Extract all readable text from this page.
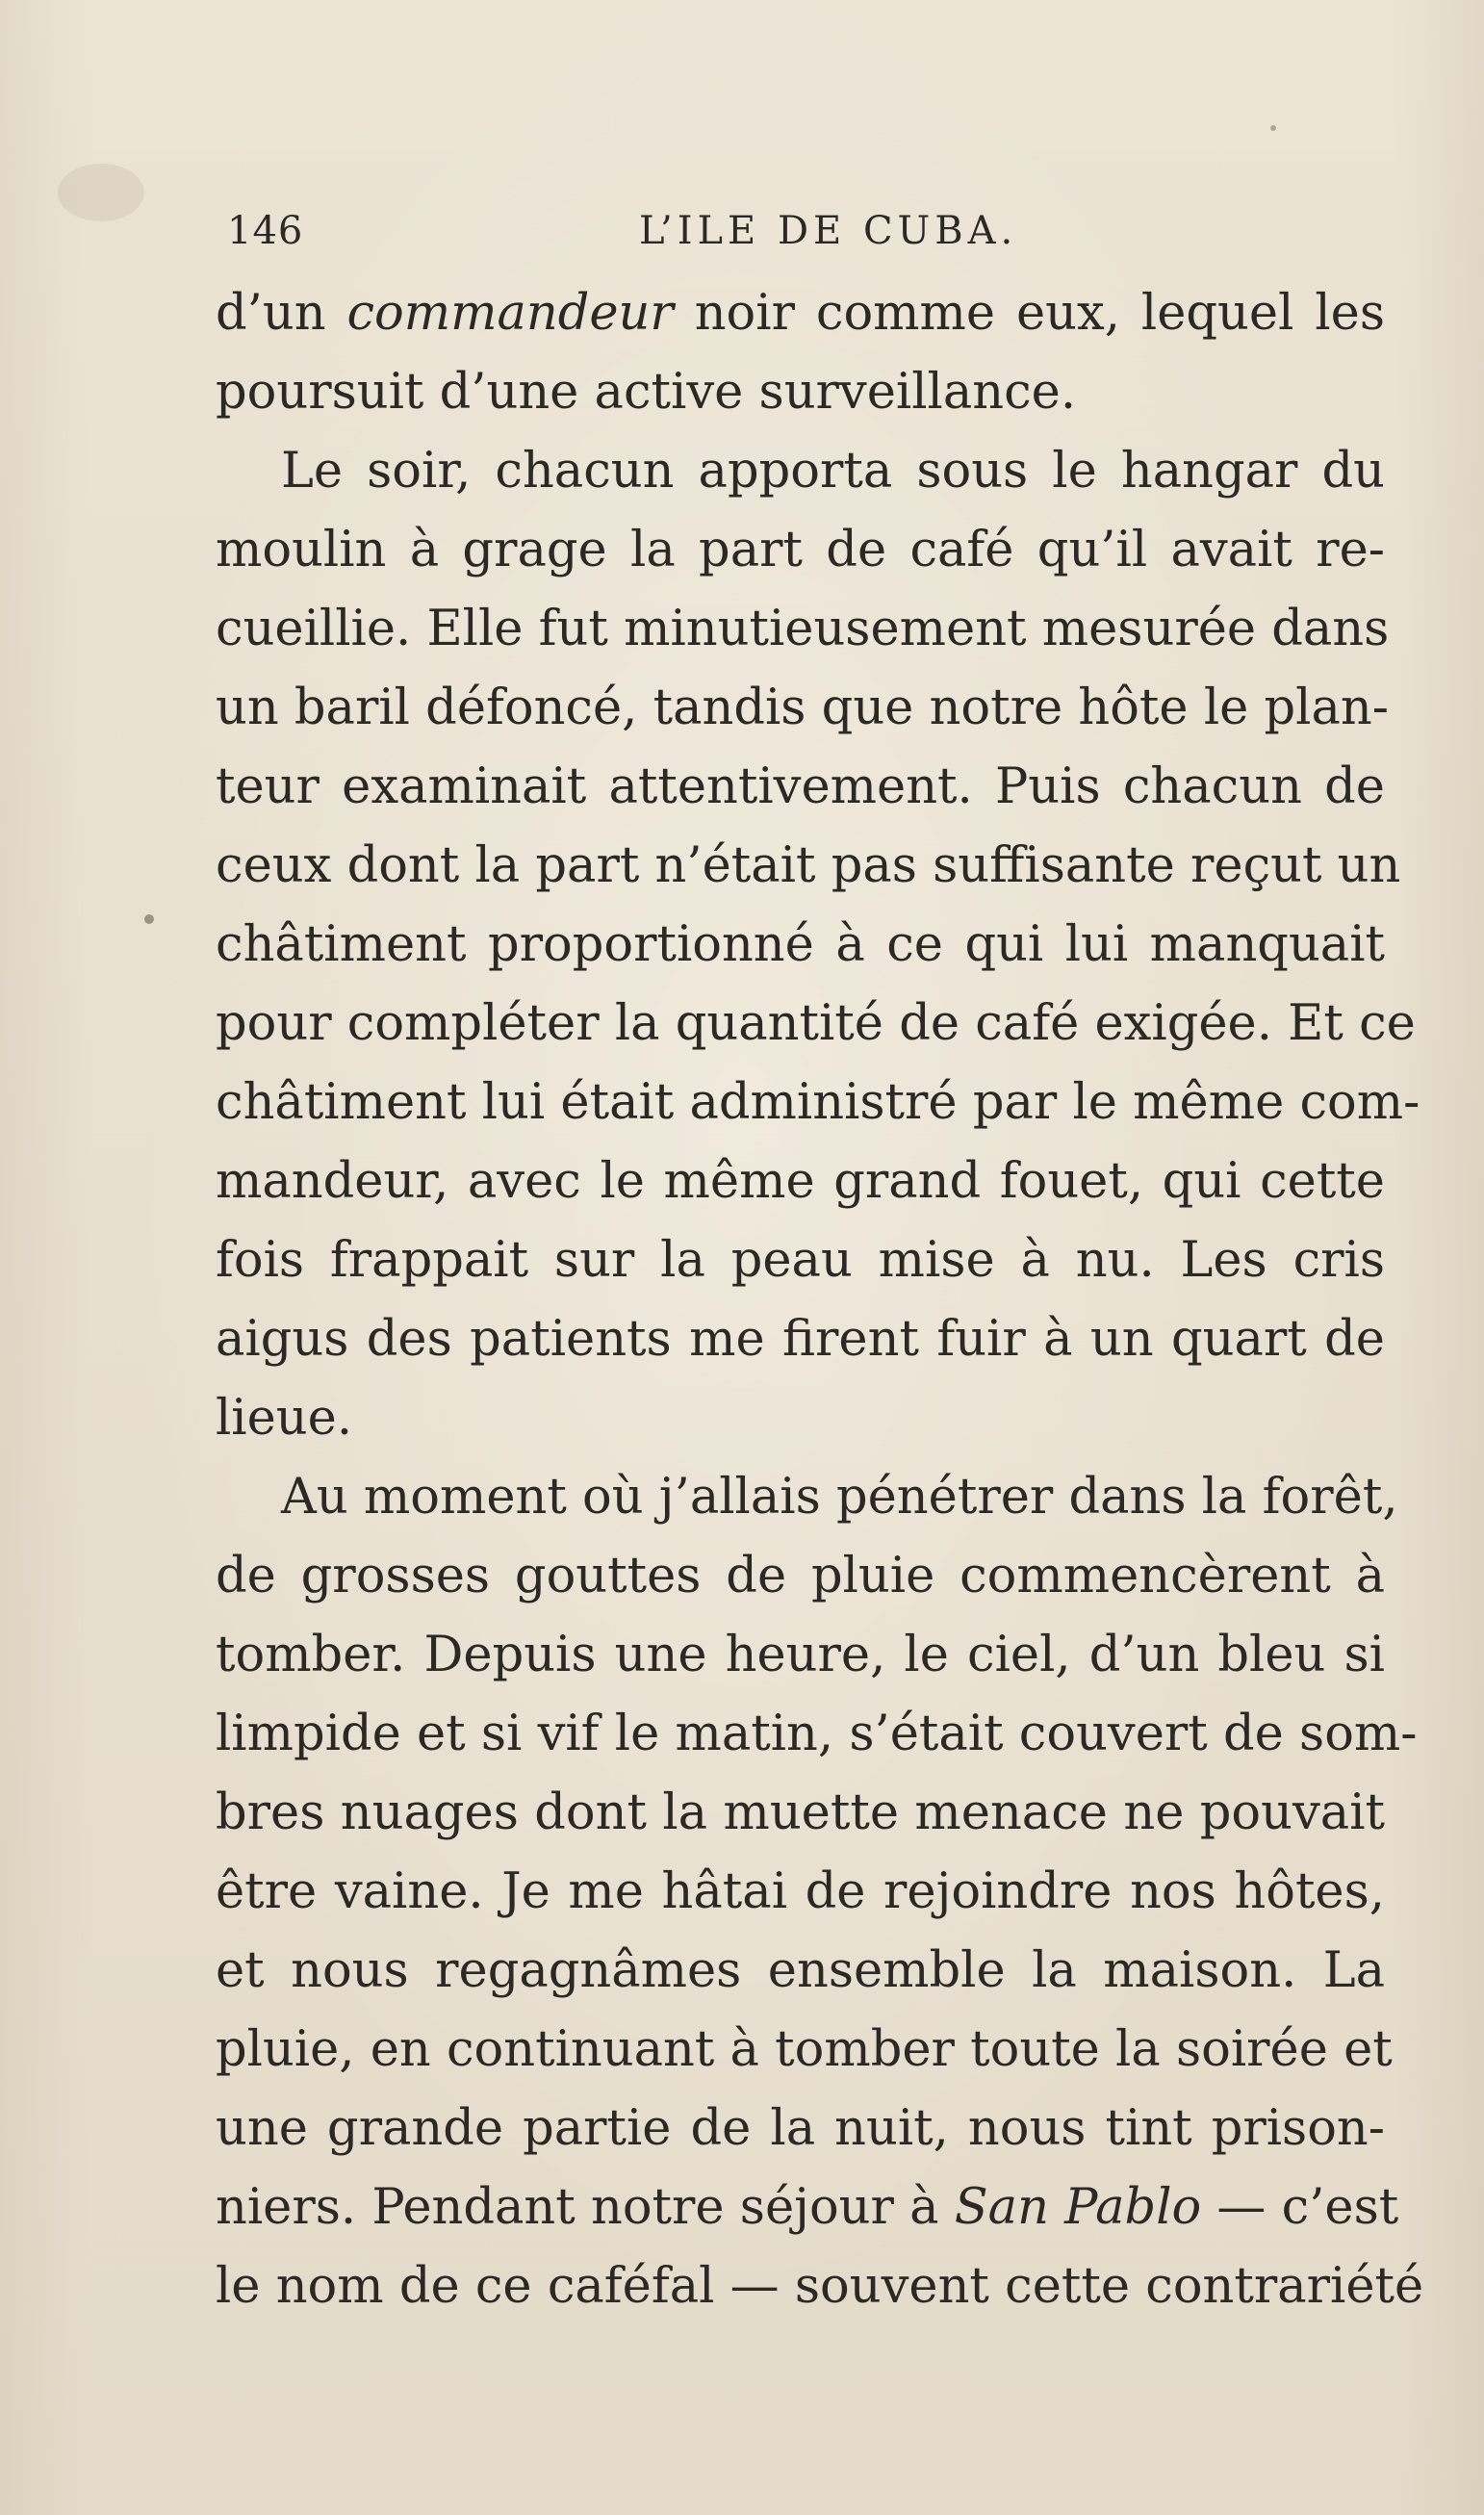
146	L’ILE DE CUBA.
d’un commandeur noir comme eux, lequel les
poursuit d’une active surveillance.
Le soir, chacun apporta sous le hangar du
moulin à grage la part de café qu’il avait re-
cueillie. Elle fut minutieusement mesurée dans
un baril défoncé, tandis que notre hôte le plan-
teur examinait attentivement. Puis chacun de
ceux dont la part n’était pas suffisante reçut un
châtiment proportionné à ce qui lui manquait
pour compléter la quantité de café exigée. Et ce
châtiment lui était administré par le même com-
mandeur, avec le même grand fouet, qui cette
fois frappait sur la peau mise à nu. Les cris
aigus des patients me firent fuir à un quart de
lieue.
Au moment où j’allais pénétrer dans la forêt,
de grosses gouttes de pluie commencèrent à
tomber. Depuis une heure, le ciel, d’un bleu si
limpide et si vif le matin, s’était couvert de som-
bres nuages dont la muette menace ne pouvait
être vaine. Je me hâtai de rejoindre nos hôtes,
et nous regagnâmes ensemble la maison. La
pluie, en continuant à tomber toute la soirée et
une grande partie de la nuit, nous tint prison-
niers. Pendant notre séjour à San Pablo — c’est
le nom de ce caféfal — souvent cette contrariété
